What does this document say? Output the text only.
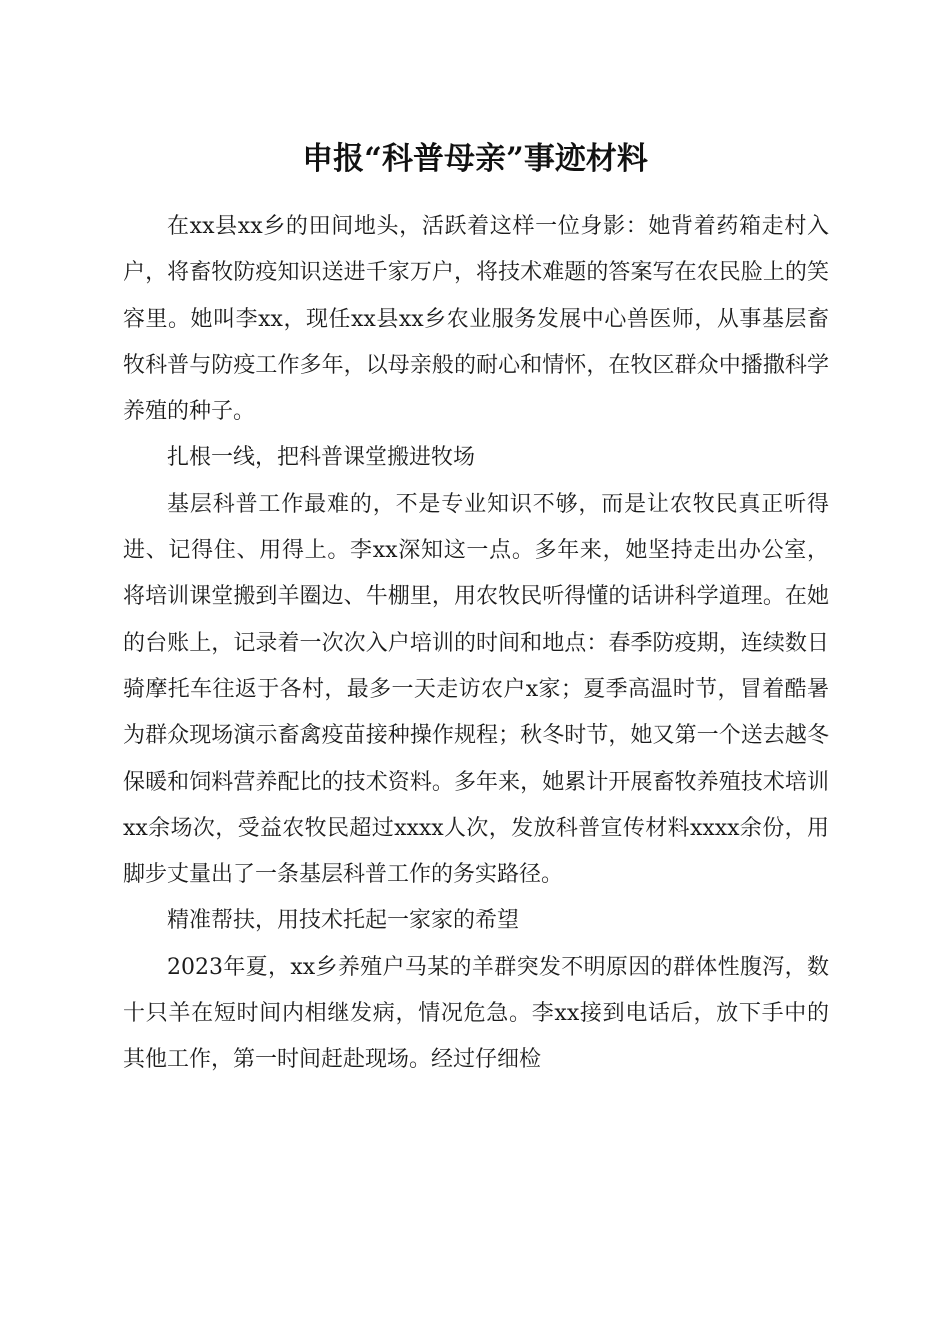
申报“科普母亲”事迹材料

在xx县xx乡的田间地头，活跃着这样一位身影：她背着药箱走村入户，将畜牧防疫知识送进千家万户，将技术难题的答案写在农民脸上的笑容里。她叫李xx，现任xx县xx乡农业服务发展中心兽医师，从事基层畜牧科普与防疫工作多年，以母亲般的耐心和情怀，在牧区群众中播撒科学养殖的种子。

扎根一线，把科普课堂搬进牧场

基层科普工作最难的，不是专业知识不够，而是让农牧民真正听得进、记得住、用得上。李xx深知这一点。多年来，她坚持走出办公室，将培训课堂搬到羊圈边、牛棚里，用农牧民听得懂的话讲科学道理。在她的台账上，记录着一次次入户培训的时间和地点：春季防疫期，连续数日骑摩托车往返于各村，最多一天走访农户x家；夏季高温时节，冒着酷暑为群众现场演示畜禽疫苗接种操作规程；秋冬时节，她又第一个送去越冬保暖和饲料营养配比的技术资料。多年来，她累计开展畜牧养殖技术培训xx余场次，受益农牧民超过xxxx人次，发放科普宣传材料xxxx余份，用脚步丈量出了一条基层科普工作的务实路径。

精准帮扶，用技术托起一家家的希望

2023年夏，xx乡养殖户马某的羊群突发不明原因的群体性腹泻，数十只羊在短时间内相继发病，情况危急。李xx接到电话后，放下手中的其他工作，第一时间赶赴现场。经过仔细检
